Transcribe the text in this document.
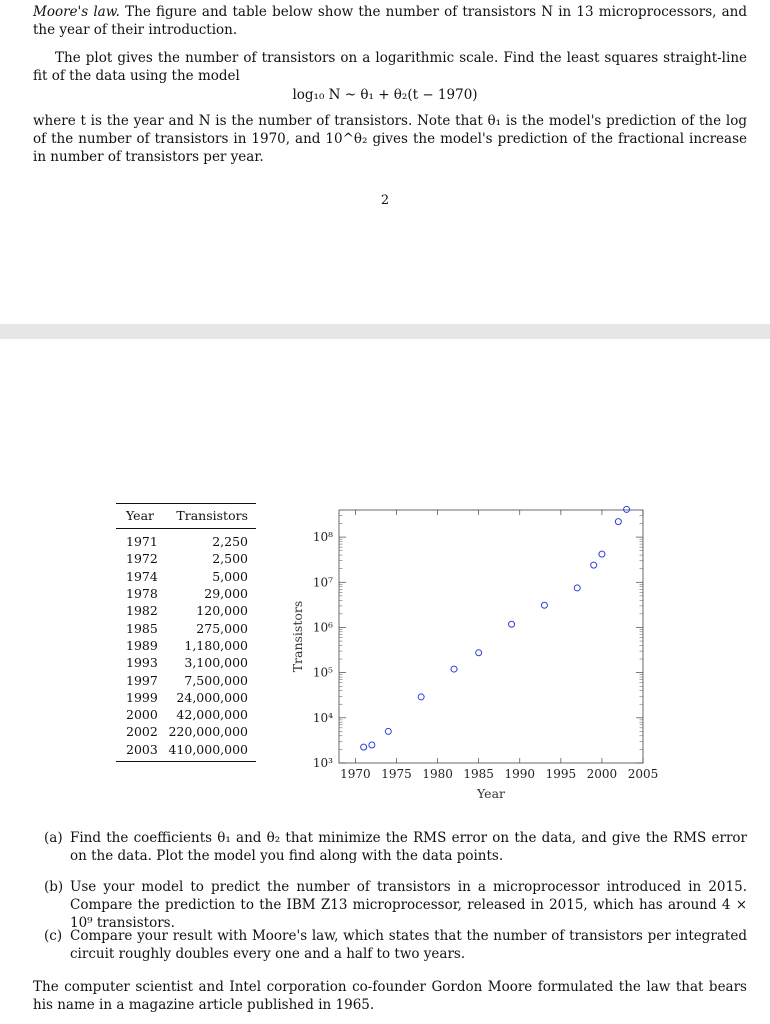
Moore's law. The figure and table below show the number of transistors N in 13 microprocessors, and the year of their introduction.

The plot gives the number of transistors on a logarithmic scale. Find the least squares straight-line fit of the data using the model

log₁₀ N ~ θ₁ + θ₂(t − 1970)

where t is the year and N is the number of transistors. Note that θ₁ is the model's prediction of the log of the number of transistors in 1970, and 10^θ₂ gives the model's prediction of the fractional increase in number of transistors per year.

2
Year	Transistors
1971	2,250
1972	2,500
1974	5,000
1978	29,000
1982	120,000
1985	275,000
1989	1,180,000
1993	3,100,000
1997	7,500,000
1999	24,000,000
2000	42,000,000
2002 220,000,000
2003 410,000,000
1970 1975 1980 1985 1990 1995 2000 2005
10³
10⁴
10⁵
10⁶
10⁷
10⁸
Year
Transistors
(a) Find the coefficients θ₁ and θ₂ that minimize the RMS error on the data, and give the RMS error on the data. Plot the model you find along with the data points.
(b) Use your model to predict the number of transistors in a microprocessor introduced in 2015. Compare the prediction to the IBM Z13 microprocessor, released in 2015, which has around 4 × 10⁹ transistors.
(c) Compare your result with Moore's law, which states that the number of transistors per integrated circuit roughly doubles every one and a half to two years.

The computer scientist and Intel corporation co-founder Gordon Moore formulated the law that bears his name in a magazine article published in 1965.
